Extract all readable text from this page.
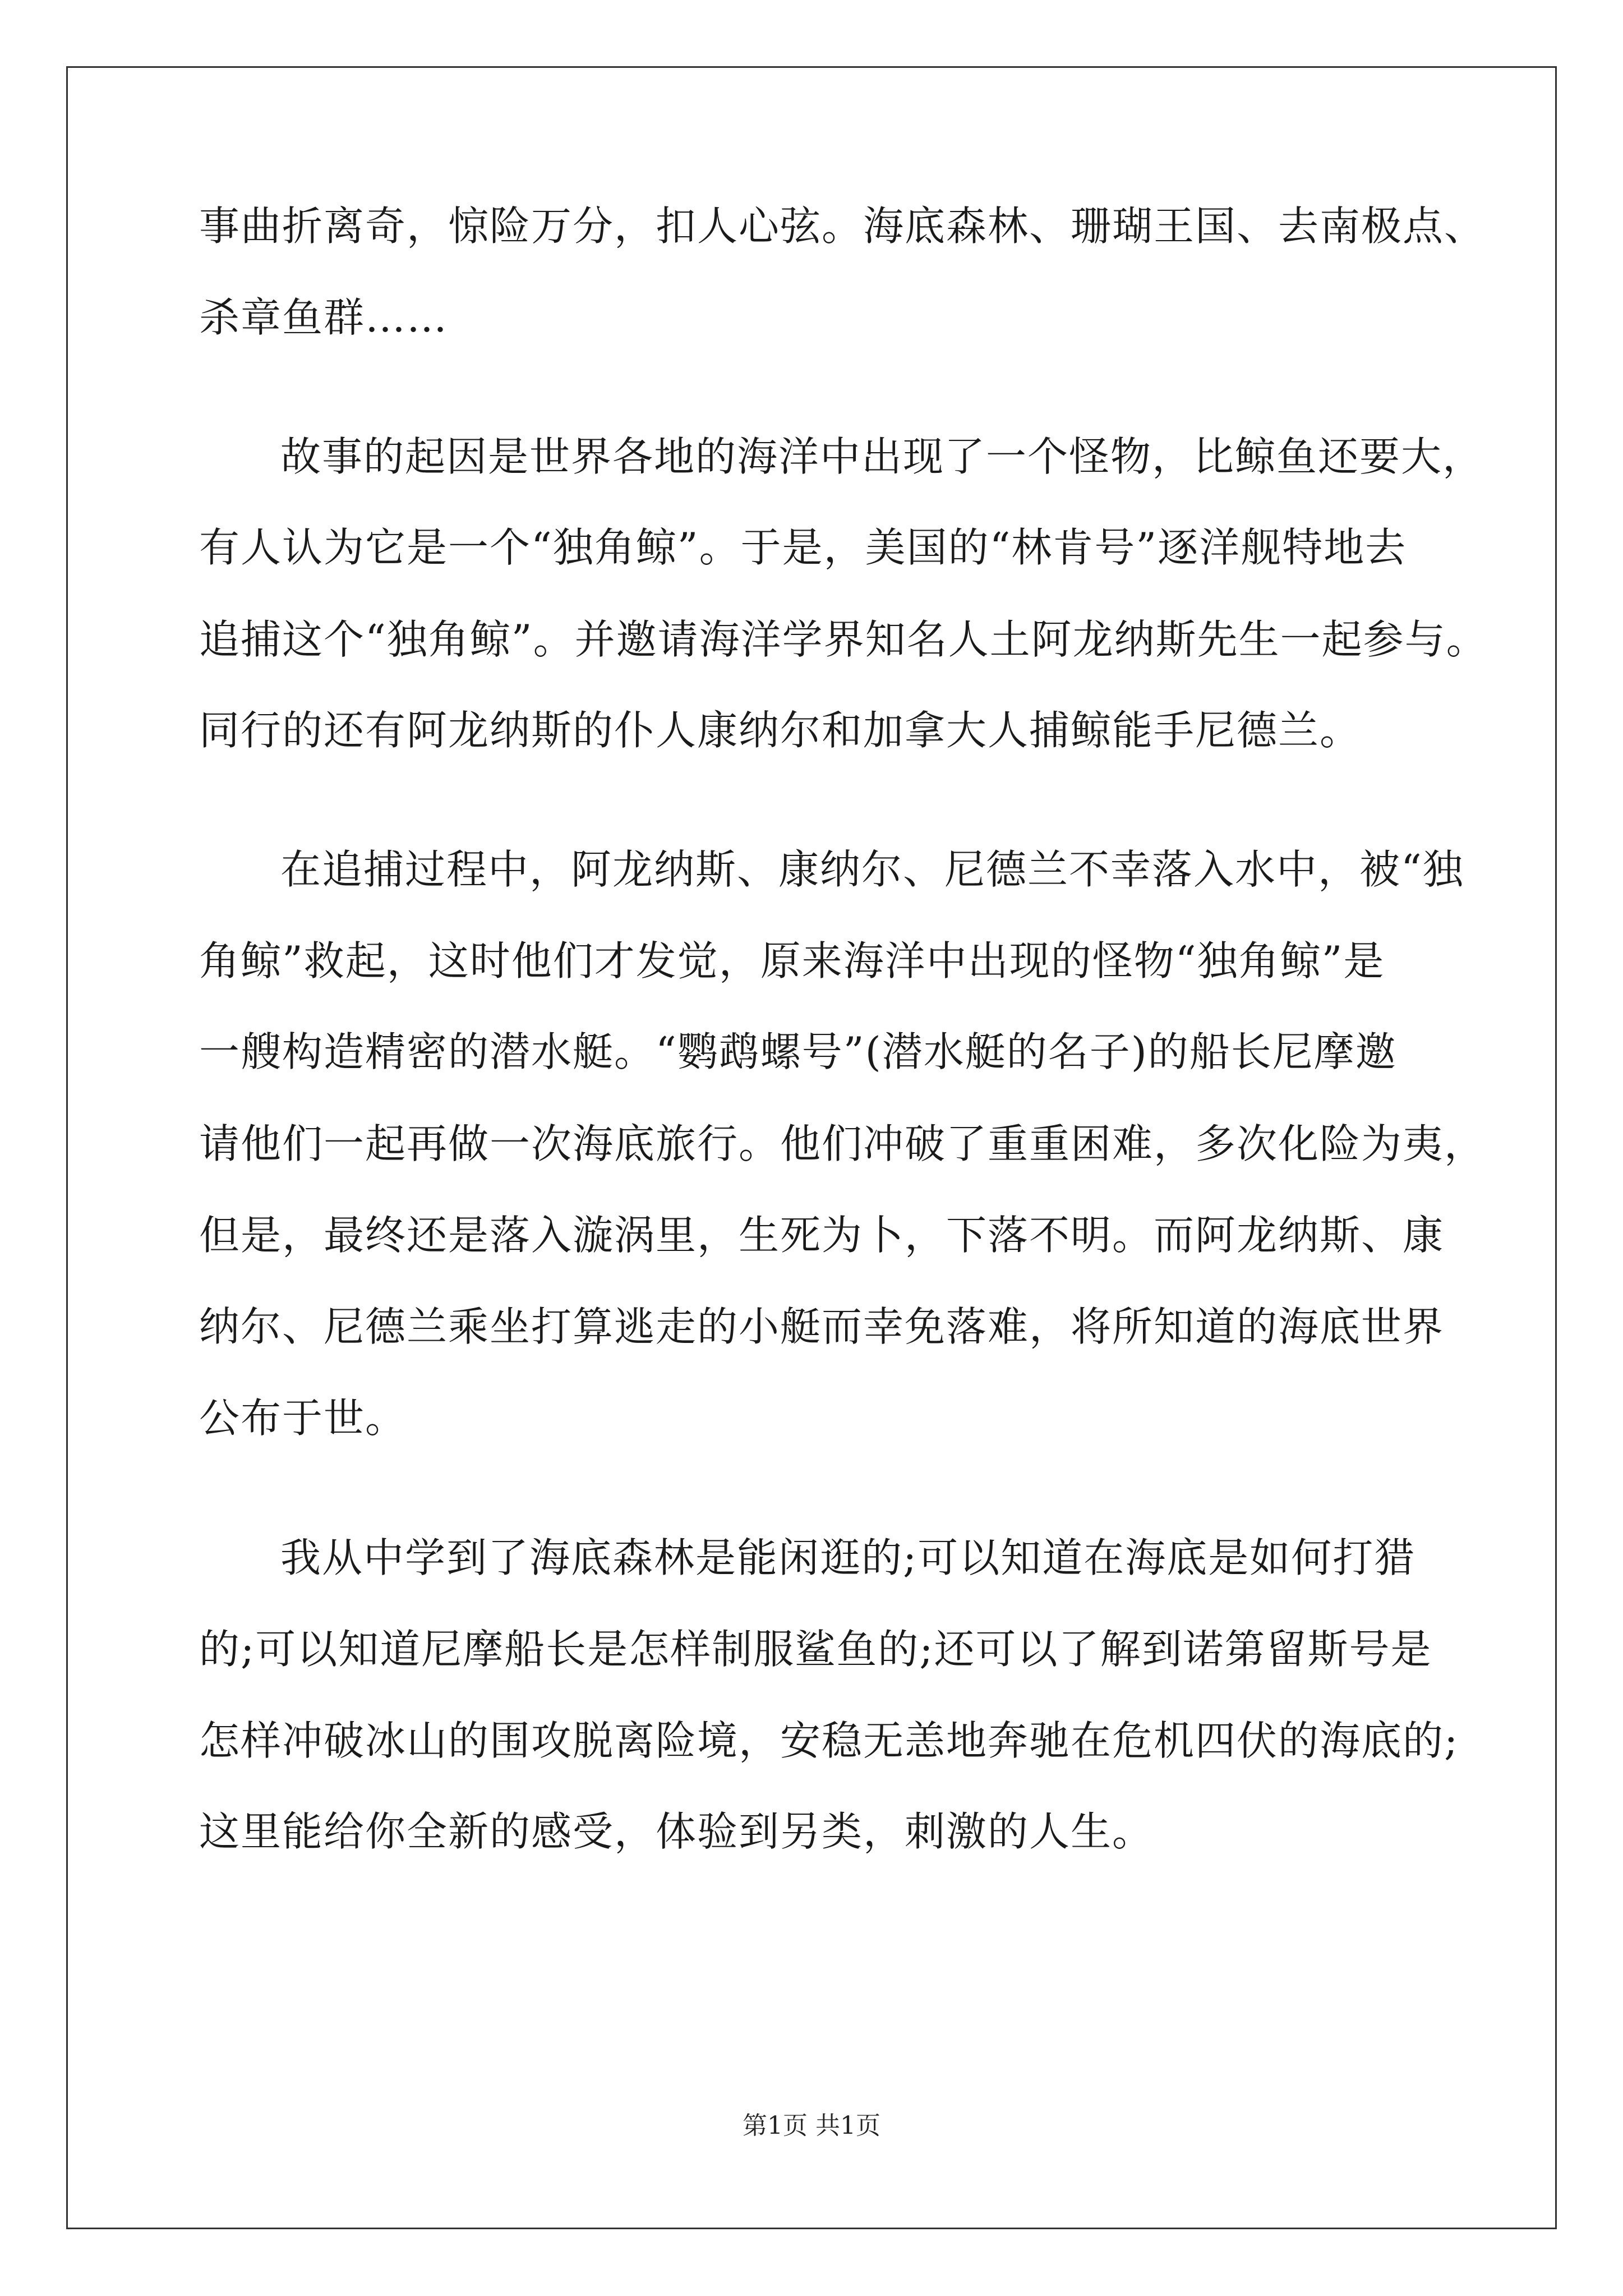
事曲折离奇，惊险万分，扣人心弦。海底森林、珊瑚王国、去南极点、
杀章鱼群……
故事的起因是世界各地的海洋中出现了一个怪物，比鲸鱼还要大，
有人认为它是一个“独角鲸”。于是，美国的“林肯号”逐洋舰特地去
追捕这个“独角鲸”。并邀请海洋学界知名人土阿龙纳斯先生一起参与。
同行的还有阿龙纳斯的仆人康纳尔和加拿大人捕鲸能手尼德兰。
在追捕过程中，阿龙纳斯、康纳尔、尼德兰不幸落入水中，被“独
角鲸”救起，这时他们才发觉，原来海洋中出现的怪物“独角鲸”是
一艘构造精密的潜水艇。“鹦鹉螺号”(潜水艇的名子)的船长尼摩邀
请他们一起再做一次海底旅行。他们冲破了重重困难，多次化险为夷，
但是，最终还是落入漩涡里，生死为卜，下落不明。而阿龙纳斯、康
纳尔、尼德兰乘坐打算逃走的小艇而幸免落难，将所知道的海底世界
公布于世。
我从中学到了海底森林是能闲逛的;可以知道在海底是如何打猎
的;可以知道尼摩船长是怎样制服鲨鱼的;还可以了解到诺第留斯号是
怎样冲破冰山的围攻脱离险境，安稳无恙地奔驰在危机四伏的海底的;
这里能给你全新的感受，体验到另类，刺激的人生。
第1页 共1页
